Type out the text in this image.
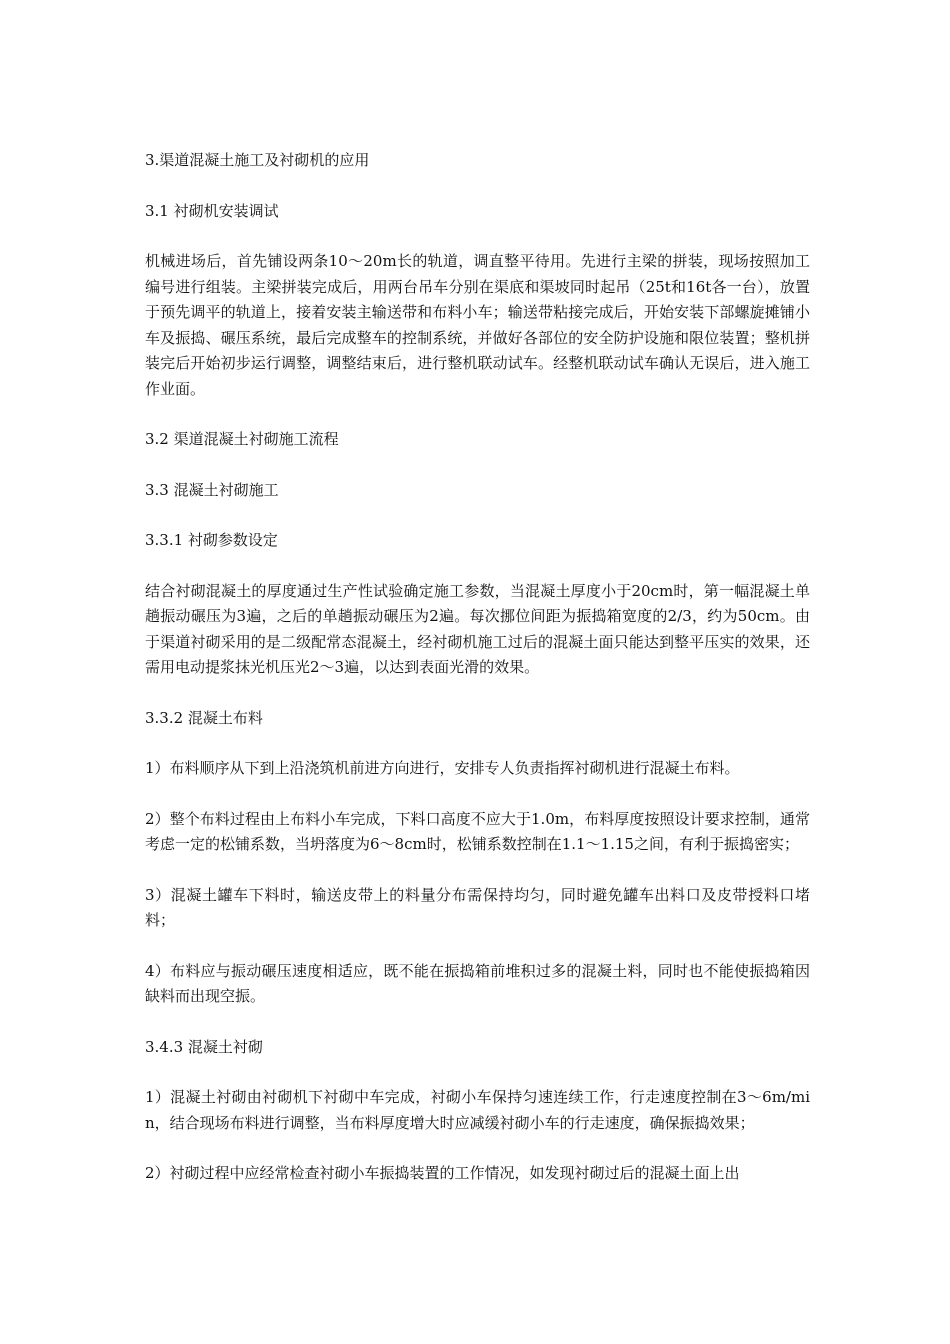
3.渠道混凝土施工及衬砌机的应用
3.1 衬砌机安装调试
机械进场后，首先铺设两条10～20m长的轨道，调直整平待用。先进行主梁的拼装，现场按照加工编号进行组装。主梁拼装完成后，用两台吊车分别在渠底和渠坡同时起吊（25t和16t各一台），放置于预先调平的轨道上，接着安装主输送带和布料小车；输送带粘接完成后，开始安装下部螺旋摊铺小车及振捣、碾压系统，最后完成整车的控制系统，并做好各部位的安全防护设施和限位装置；整机拼装完后开始初步运行调整，调整结束后，进行整机联动试车。经整机联动试车确认无误后，进入施工作业面。
3.2 渠道混凝土衬砌施工流程
3.3 混凝土衬砌施工
3.3.1 衬砌参数设定
结合衬砌混凝土的厚度通过生产性试验确定施工参数，当混凝土厚度小于20cm时，第一幅混凝土单趟振动碾压为3遍，之后的单趟振动碾压为2遍。每次挪位间距为振捣箱宽度的2/3，约为50cm。由于渠道衬砌采用的是二级配常态混凝土，经衬砌机施工过后的混凝土面只能达到整平压实的效果，还需用电动提浆抹光机压光2～3遍，以达到表面光滑的效果。
3.3.2 混凝土布料
1）布料顺序从下到上沿浇筑机前进方向进行，安排专人负责指挥衬砌机进行混凝土布料。
2）整个布料过程由上布料小车完成，下料口高度不应大于1.0m，布料厚度按照设计要求控制，通常考虑一定的松铺系数，当坍落度为6～8cm时，松铺系数控制在1.1～1.15之间，有利于振捣密实；
3）混凝土罐车下料时，输送皮带上的料量分布需保持均匀，同时避免罐车出料口及皮带授料口堵料；
4）布料应与振动碾压速度相适应，既不能在振捣箱前堆积过多的混凝土料，同时也不能使振捣箱因缺料而出现空振。
3.4.3 混凝土衬砌
1）混凝土衬砌由衬砌机下衬砌中车完成，衬砌小车保持匀速连续工作，行走速度控制在3～6m/min，结合现场布料进行调整，当布料厚度增大时应减缓衬砌小车的行走速度，确保振捣效果；
2）衬砌过程中应经常检查衬砌小车振捣装置的工作情况，如发现衬砌过后的混凝土面上出
